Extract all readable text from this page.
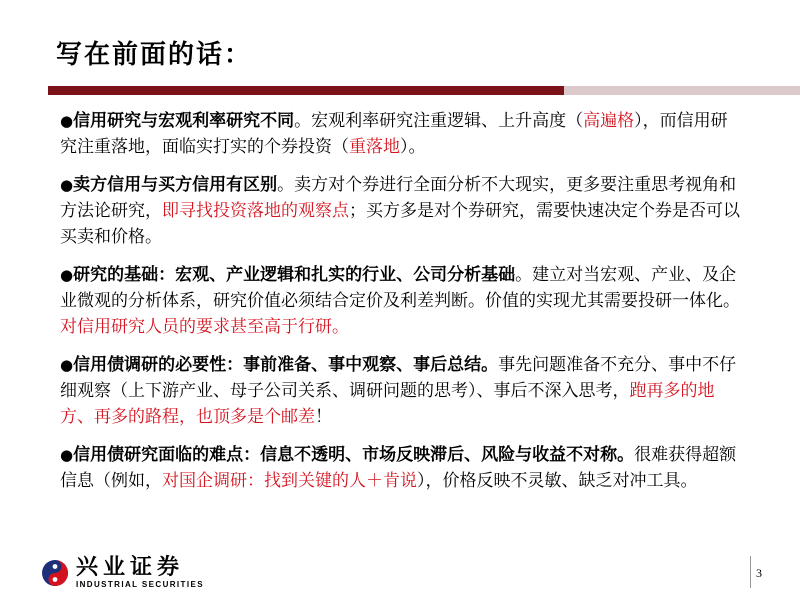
写在前面的话：

●信用研究与宏观利率研究不同。宏观利率研究注重逻辑、上升高度（高遍格），而信用研究注重落地，面临实打实的个券投资（重落地）。

●卖方信用与买方信用有区别。卖方对个券进行全面分析不大现实，更多要注重思考视角和方法论研究，即寻找投资落地的观察点；买方多是对个券研究，需要快速决定个券是否可以买卖和价格。

●研究的基础：宏观、产业逻辑和扎实的行业、公司分析基础。建立对当宏观、产业、及企业微观的分析体系，研究价值必须结合定价及利差判断。价值的实现尤其需要投研一体化。对信用研究人员的要求甚至高于行研。

●信用债调研的必要性：事前准备、事中观察、事后总结。事先问题准备不充分、事中不仔细观察（上下游产业、母子公司关系、调研问题的思考）、事后不深入思考，跑再多的地方、再多的路程，也顶多是个邮差！

●信用债研究面临的难点：信息不透明、市场反映滞后、风险与收益不对称。很难获得超额信息（例如，对国企调研：找到关键的人＋肯说），价格反映不灵敏、缺乏对冲工具。

兴业证券
INDUSTRIAL SECURITIES
3
